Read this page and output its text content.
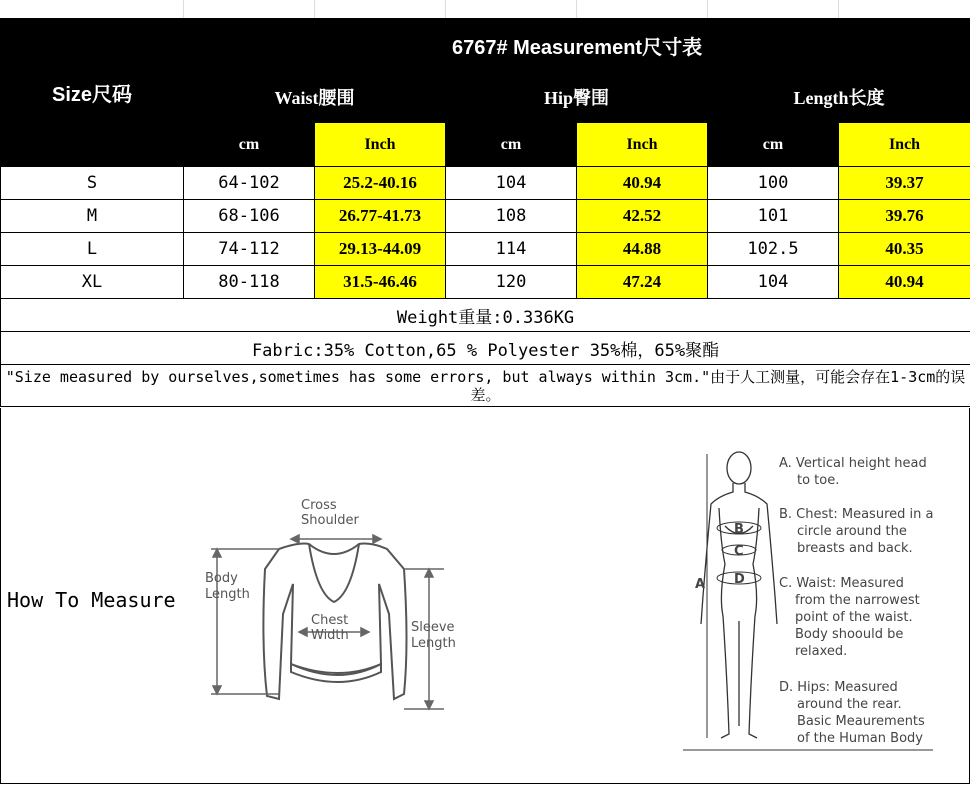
Size尺码	6767# Measurement尺寸表					
	Waist腰围		Hip臀围		Length长度	
	cm	Inch	cm	Inch	cm	Inch
S	64-102	25.2-40.16	104	40.94	100	39.37
M	68-106	26.77-41.73	108	42.52	101	39.76
L	74-112	29.13-44.09	114	44.88	102.5	40.35
XL	80-118	31.5-46.46	120	47.24	104	40.94
Weight重量:0.336KG						
Fabric:35% Cotton,65 % Polyester 35%棉，65%聚酯						
"Size measured by ourselves,sometimes has some errors, but always within 3cm."由于人工测量，可能会存在1-3cm的误差。						
How To Measure
Cross
Shoulder
Body
Length
Chest
Width
Sleeve
Length
A
B
C
D
A. Vertical height head
to toe.
B. Chest: Measured in a
circle around the
breasts and back.
C. Waist: Measured
from the narrowest
point of the waist.
Body shoould be
relaxed.
D. Hips: Measured
around the rear.
Basic Meaurements
of the Human Body
